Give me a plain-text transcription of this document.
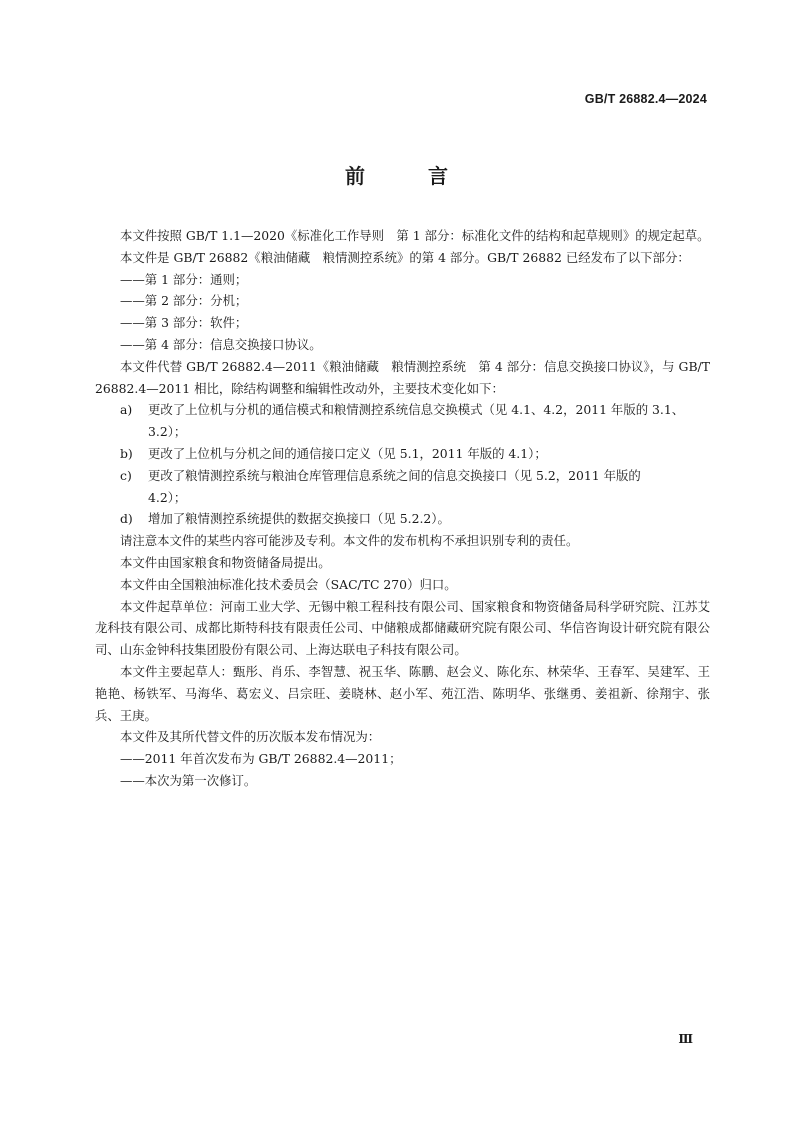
GB/T 26882.4—2024
前 言

本文件按照 GB/T 1.1—2020《标准化工作导则　第 1 部分：标准化文件的结构和起草规则》的规定起草。

本文件是 GB/T 26882《粮油储藏　粮情测控系统》的第 4 部分。GB/T 26882 已经发布了以下部分：

——第 1 部分：通则；

——第 2 部分：分机；

——第 3 部分：软件；

——第 4 部分：信息交换接口协议。

本文件代替 GB/T 26882.4—2011《粮油储藏　粮情测控系统　第 4 部分：信息交换接口协议》，与 GB/T 26882.4—2011 相比，除结构调整和编辑性改动外，主要技术变化如下：

a) 更改了上位机与分机的通信模式和粮情测控系统信息交换模式（见 4.1、4.2，2011 年版的 3.1、

3.2）；

b) 更改了上位机与分机之间的通信接口定义（见 5.1，2011 年版的 4.1）；

c) 更改了粮情测控系统与粮油仓库管理信息系统之间的信息交换接口（见 5.2，2011 年版的

4.2）；

d) 增加了粮情测控系统提供的数据交换接口（见 5.2.2）。

请注意本文件的某些内容可能涉及专利。本文件的发布机构不承担识别专利的责任。

本文件由国家粮食和物资储备局提出。

本文件由全国粮油标准化技术委员会（SAC/TC 270）归口。

本文件起草单位：河南工业大学、无锡中粮工程科技有限公司、国家粮食和物资储备局科学研究院、江苏艾龙科技有限公司、成都比斯特科技有限责任公司、中储粮成都储藏研究院有限公司、华信咨询设计研究院有限公司、山东金钟科技集团股份有限公司、上海达联电子科技有限公司。

本文件主要起草人：甄彤、肖乐、李智慧、祝玉华、陈鹏、赵会义、陈化东、林荣华、王春军、吴建军、王艳艳、杨铁军、马海华、葛宏义、吕宗旺、姜晓林、赵小军、苑江浩、陈明华、张继勇、姜祖新、徐翔宇、张兵、王庚。

本文件及其所代替文件的历次版本发布情况为：

——2011 年首次发布为 GB/T 26882.4—2011；

——本次为第一次修订。

Ⅲ
